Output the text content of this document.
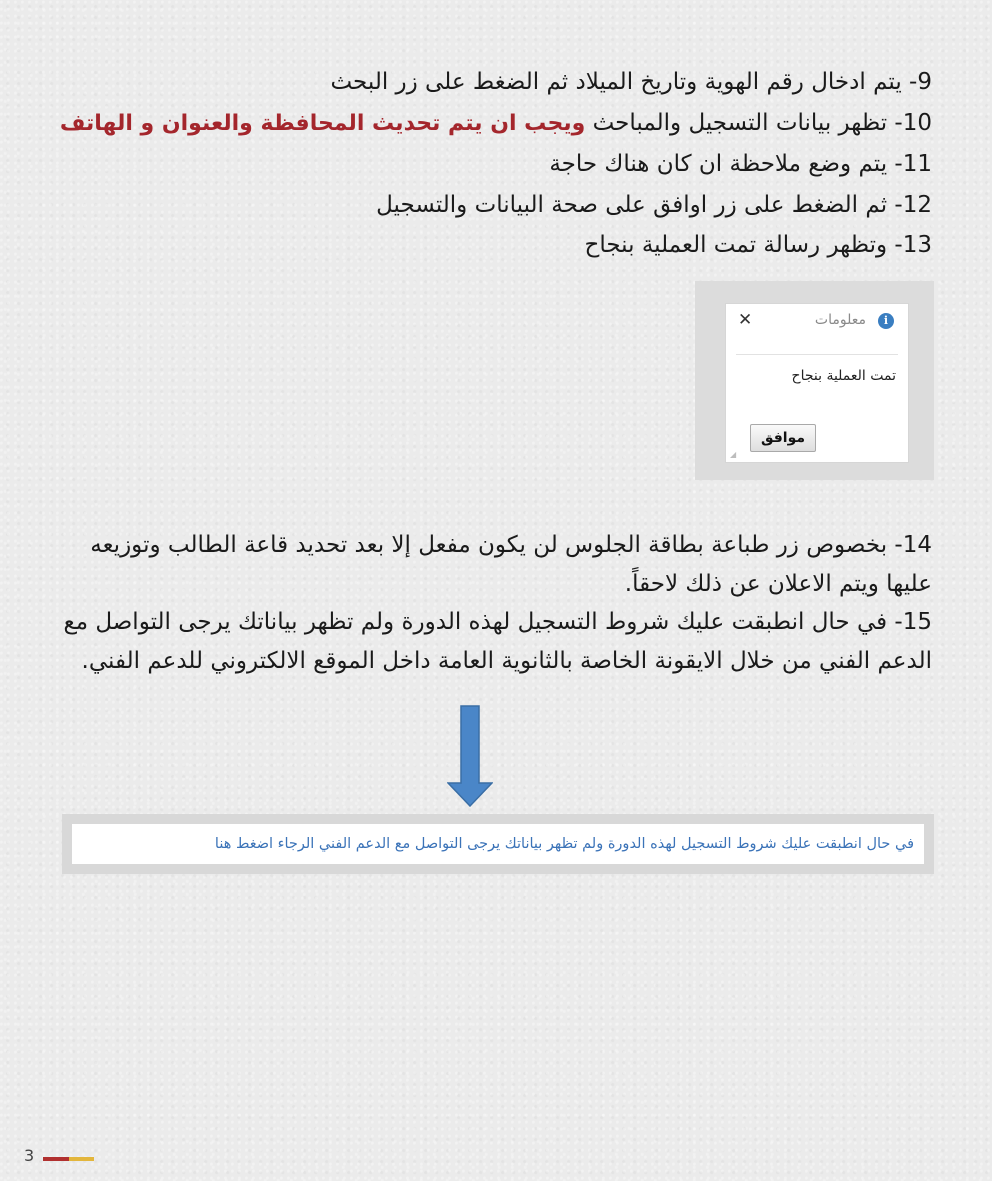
9- يتم ادخال رقم الهوية وتاريخ الميلاد ثم الضغط على زر البحث
10- تظهر بيانات التسجيل والمباحث ويجب ان يتم تحديث المحافظة والعنوان و الهاتف
11- يتم وضع ملاحظة ان كان هناك حاجة
12- ثم الضغط على زر اوافق على صحة البيانات والتسجيل
13- وتظهر رسالة تمت العملية بنجاح
i
معلومات
✕
تمت العملية بنجاح
موافق
◢

14- بخصوص زر طباعة بطاقة الجلوس لن يكون مفعل إلا بعد تحديد قاعة الطالب وتوزيعه عليها ويتم الاعلان عن ذلك لاحقاً.

15- في حال انطبقت عليك شروط التسجيل لهذه الدورة ولم تظهر بياناتك يرجى التواصل مع الدعم الفني من خلال الايقونة الخاصة بالثانوية العامة داخل الموقع الالكتروني للدعم الفني.

في حال انطبقت عليك شروط التسجيل لهذه الدورة ولم تظهر بياناتك يرجى التواصل مع الدعم الفني الرجاء اضغط هنا
3
